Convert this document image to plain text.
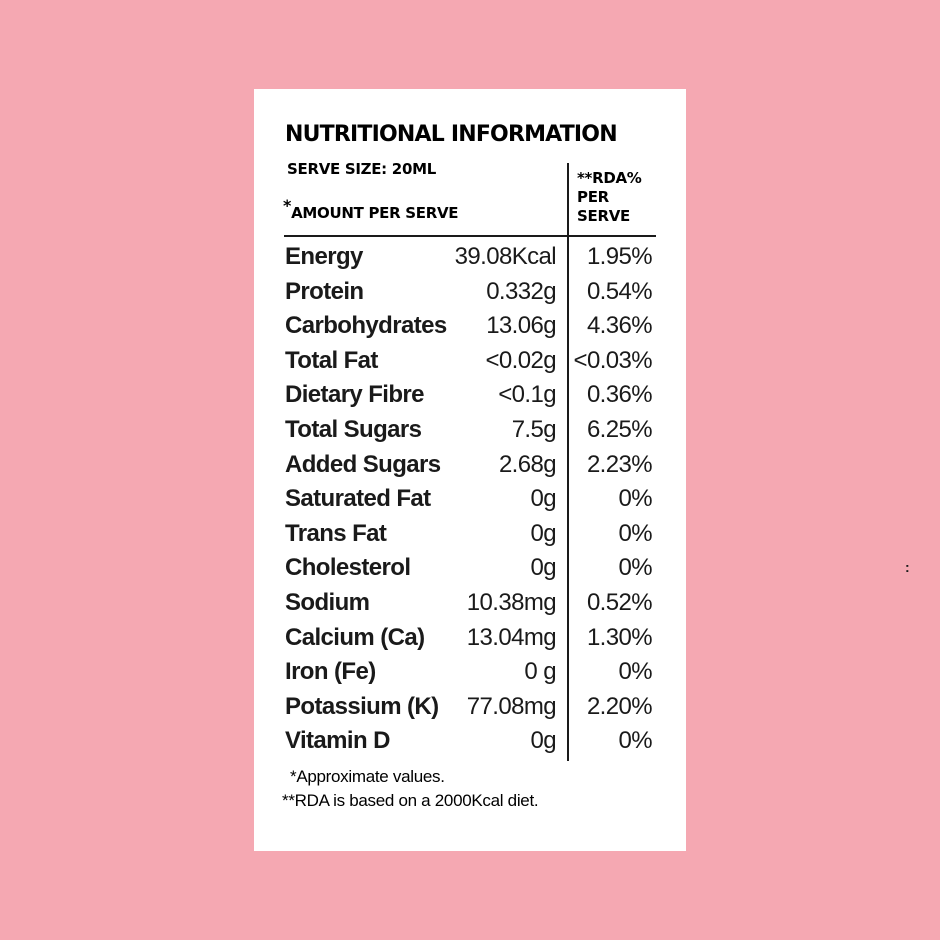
NUTRITIONAL INFORMATION
SERVE SIZE: 20ML
*AMOUNT PER SERVE
**RDA%
PER
SERVE
Energy	39.08Kcal 1.95%
Protein	0.332g 0.54%
Carbohydrates 13.06g 4.36%
Total Fat	<0.02g <0.03%
Dietary Fibre	<0.1g 0.36%
Total Sugars	7.5g 6.25%
Added Sugars 2.68g 2.23%
Saturated Fat	0g	0%
Trans Fat	0g	0%
Cholesterol	0g	0%
Sodium	10.38mg 0.52%
Calcium (Ca) 13.04mg 1.30%
Iron (Fe)	0 g	0%
Potassium (K) 77.08mg 2.20%
Vitamin D	0g	0%
*Approximate values.
**RDA is based on a 2000Kcal diet.
:
